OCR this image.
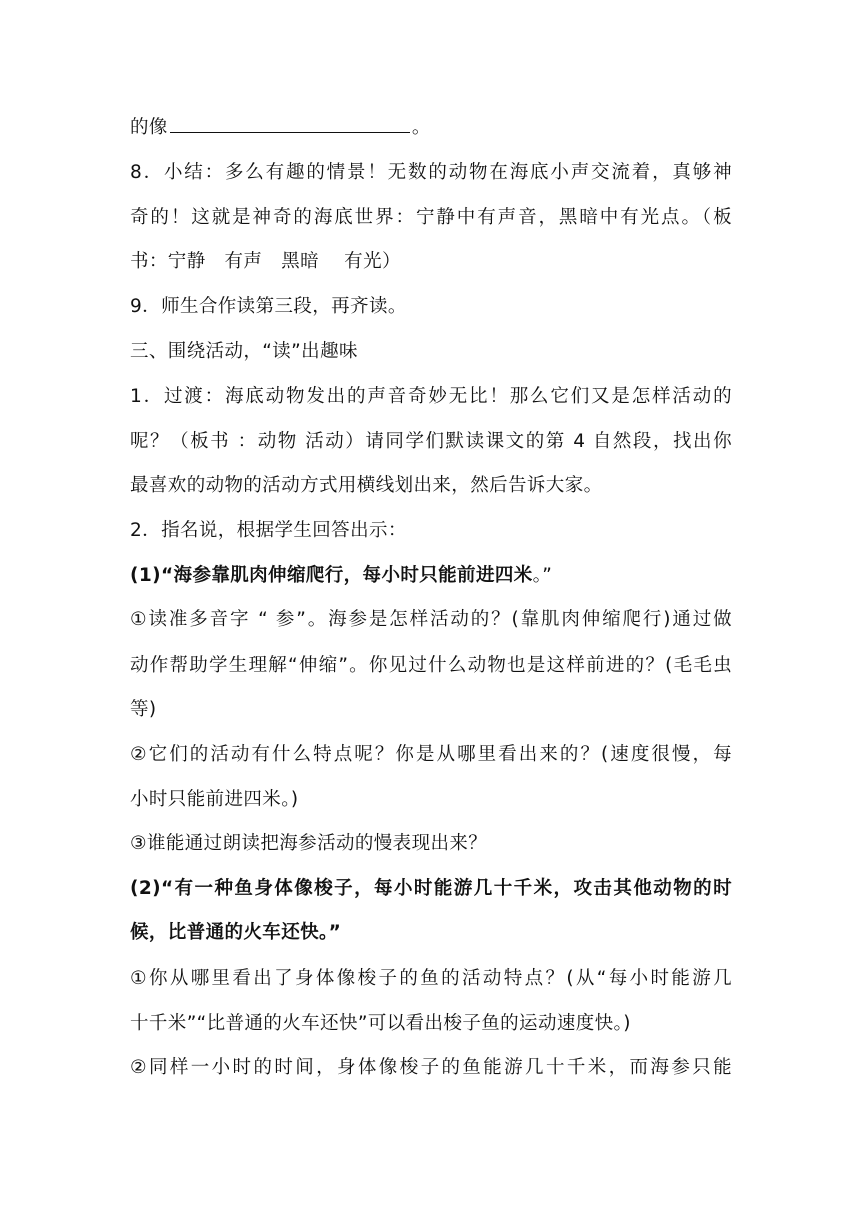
的像	。
8．小结：多么有趣的情景！无数的动物在海底小声交流着，真够神
奇的！这就是神奇的海底世界：宁静中有声音，黑暗中有光点。（板
书：宁静　有声　黑暗　 有光）
9．师生合作读第三段，再齐读。
三、围绕活动，“读”出趣味
1．过渡：海底动物发出的声音奇妙无比！那么它们又是怎样活动的
呢？（板书 ：动物 活动）请同学们默读课文的第 4 自然段，找出你
最喜欢的动物的活动方式用横线划出来，然后告诉大家。
2．指名说，根据学生回答出示：
(1)“海参靠肌肉伸缩爬行，每小时只能前进四米。”
①读准多音字 “ 参”。海参是怎样活动的？(靠肌肉伸缩爬行)通过做
动作帮助学生理解“伸缩”。你见过什么动物也是这样前进的？(毛毛虫
等)
②它们的活动有什么特点呢？你是从哪里看出来的？(速度很慢，每
小时只能前进四米。)
③谁能通过朗读把海参活动的慢表现出来？
(2)“有一种鱼身体像梭子，每小时能游几十千米，攻击其他动物的时
候，比普通的火车还快。”
①你从哪里看出了身体像梭子的鱼的活动特点？(从“每小时能游几
十千米”“比普通的火车还快”可以看出梭子鱼的运动速度快。)
②同样一小时的时间，身体像梭子的鱼能游几十千米，而海参只能
